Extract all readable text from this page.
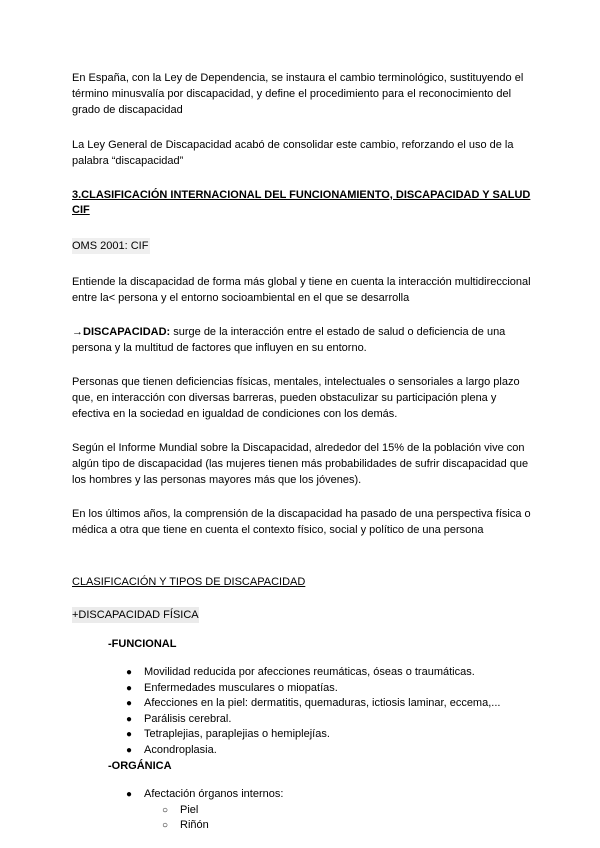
En España, con la Ley de Dependencia, se instaura el cambio terminológico, sustituyendo el término minusvalía por discapacidad, y define el procedimiento para el reconocimiento del grado de discapacidad

La Ley General de Discapacidad acabó de consolidar este cambio, reforzando el uso de la palabra “discapacidad”

3.CLASIFICACIÓN INTERNACIONAL DEL FUNCIONAMIENTO, DISCAPACIDAD Y SALUD CIF

OMS 2001: CIF

Entiende la discapacidad de forma más global y tiene en cuenta la interacción multidireccional entre la< persona y el entorno socioambiental en el que se desarrolla

→DISCAPACIDAD: surge de la interacción entre el estado de salud o deficiencia de una persona y la multitud de factores que influyen en su entorno.

Personas que tienen deficiencias físicas, mentales, intelectuales o sensoriales a largo plazo que, en interacción con diversas barreras, pueden obstaculizar su participación plena y efectiva en la sociedad en igualdad de condiciones con los demás.

Según el Informe Mundial sobre la Discapacidad, alrededor del 15% de la población vive con algún tipo de discapacidad (las mujeres tienen más probabilidades de sufrir discapacidad que los hombres y las personas mayores más que los jóvenes).

En los últimos años, la comprensión de la discapacidad ha pasado de una perspectiva física o médica a otra que tiene en cuenta el contexto físico, social y político de una persona

CLASIFICACIÓN Y TIPOS DE DISCAPACIDAD

+DISCAPACIDAD FÍSICA

-FUNCIONAL

● Movilidad reducida por afecciones reumáticas, óseas o traumáticas.
● Enfermedades musculares o miopatías.
● Afecciones en la piel: dermatitis, quemaduras, ictiosis laminar, eccema,...
● Parálisis cerebral.
● Tetraplejias, paraplejias o hemiplejías.
● Acondroplasia.

-ORGÁNICA

● Afectación órganos internos:
○ Piel
○ Riñón
